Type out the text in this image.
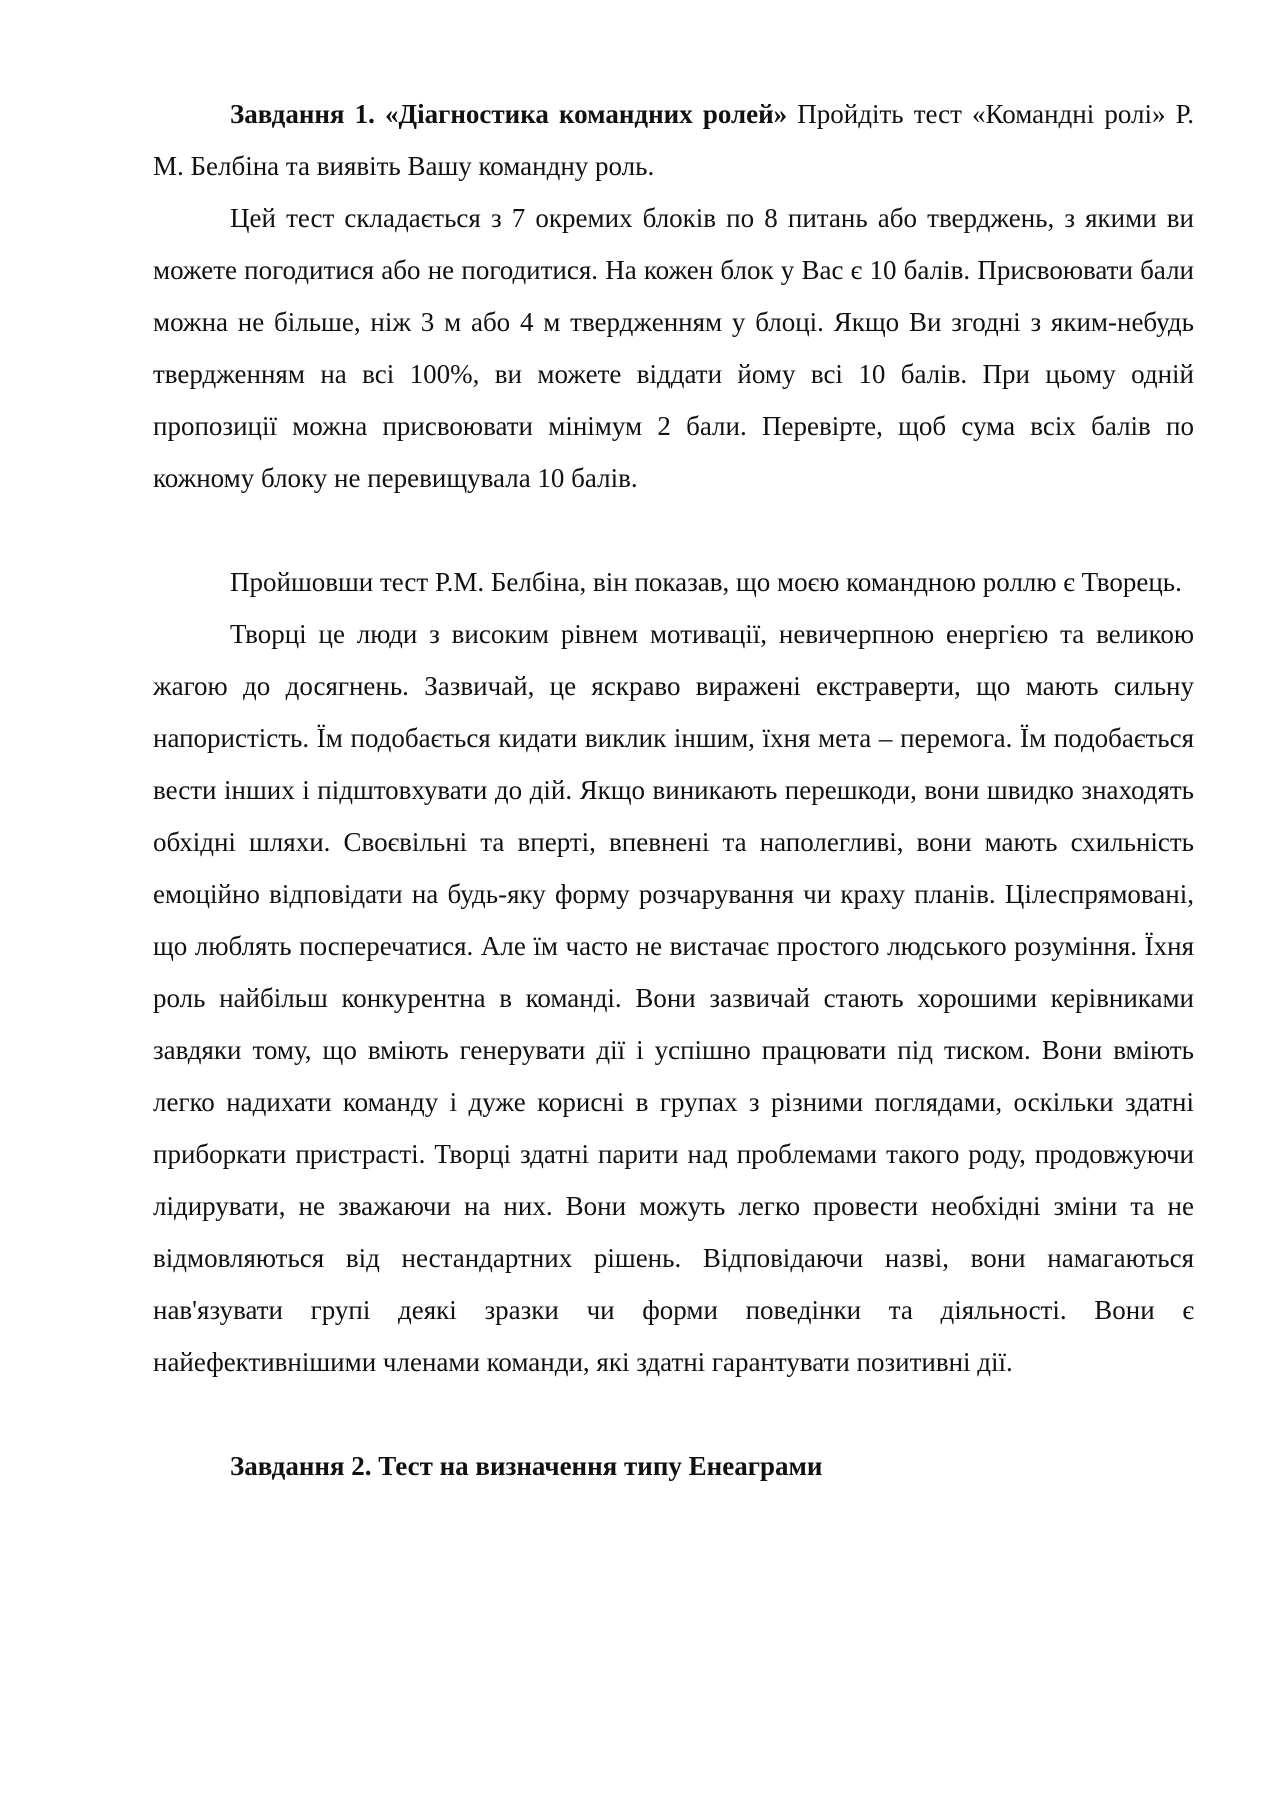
Завдання 1. «Діагностика командних ролей» Пройдіть тест «Командні ролі» Р. М. Белбіна та виявіть Вашу командну роль.

Цей тест складається з 7 окремих блоків по 8 питань або тверджень, з якими ви можете погодитися або не погодитися. На кожен блок у Вас є 10 балів. Присвоювати бали можна не більше, ніж 3 м або 4 м твердженням у блоці. Якщо Ви згодні з яким-небудь твердженням на всі 100%, ви можете віддати йому всі 10 балів. При цьому одній пропозиції можна присвоювати мінімум 2 бали. Перевірте, щоб сума всіх балів по кожному блоку не перевищувала 10 балів.

Пройшовши тест Р.М. Белбіна, він показав, що моєю командною роллю є Творець.

Творці це люди з високим рівнем мотивації, невичерпною енергією та великою жагою до досягнень. Зазвичай, це яскраво виражені екстраверти, що мають сильну напористість. Їм подобається кидати виклик іншим, їхня мета – перемога. Їм подобається вести інших і підштовхувати до дій. Якщо виникають перешкоди, вони швидко знаходять обхідні шляхи. Своєвільні та вперті, впевнені та наполегливі, вони мають схильність емоційно відповідати на будь-яку форму розчарування чи краху планів. Цілеспрямовані, що люблять посперечатися. Але їм часто не вистачає простого людського розуміння. Їхня роль найбільш конкурентна в команді. Вони зазвичай стають хорошими керівниками завдяки тому, що вміють генерувати дії і успішно працювати під тиском. Вони вміють легко надихати команду і дуже корисні в групах з різними поглядами, оскільки здатні приборкати пристрасті. Творці здатні парити над проблемами такого роду, продовжуючи лідирувати, не зважаючи на них. Вони можуть легко провести необхідні зміни та не відмовляються від нестандартних рішень. Відповідаючи назві, вони намагаються нав'язувати групі деякі зразки чи форми поведінки та діяльності. Вони є найефективнішими членами команди, які здатні гарантувати позитивні дії.

Завдання 2. Тест на визначення типу Енеаграми
